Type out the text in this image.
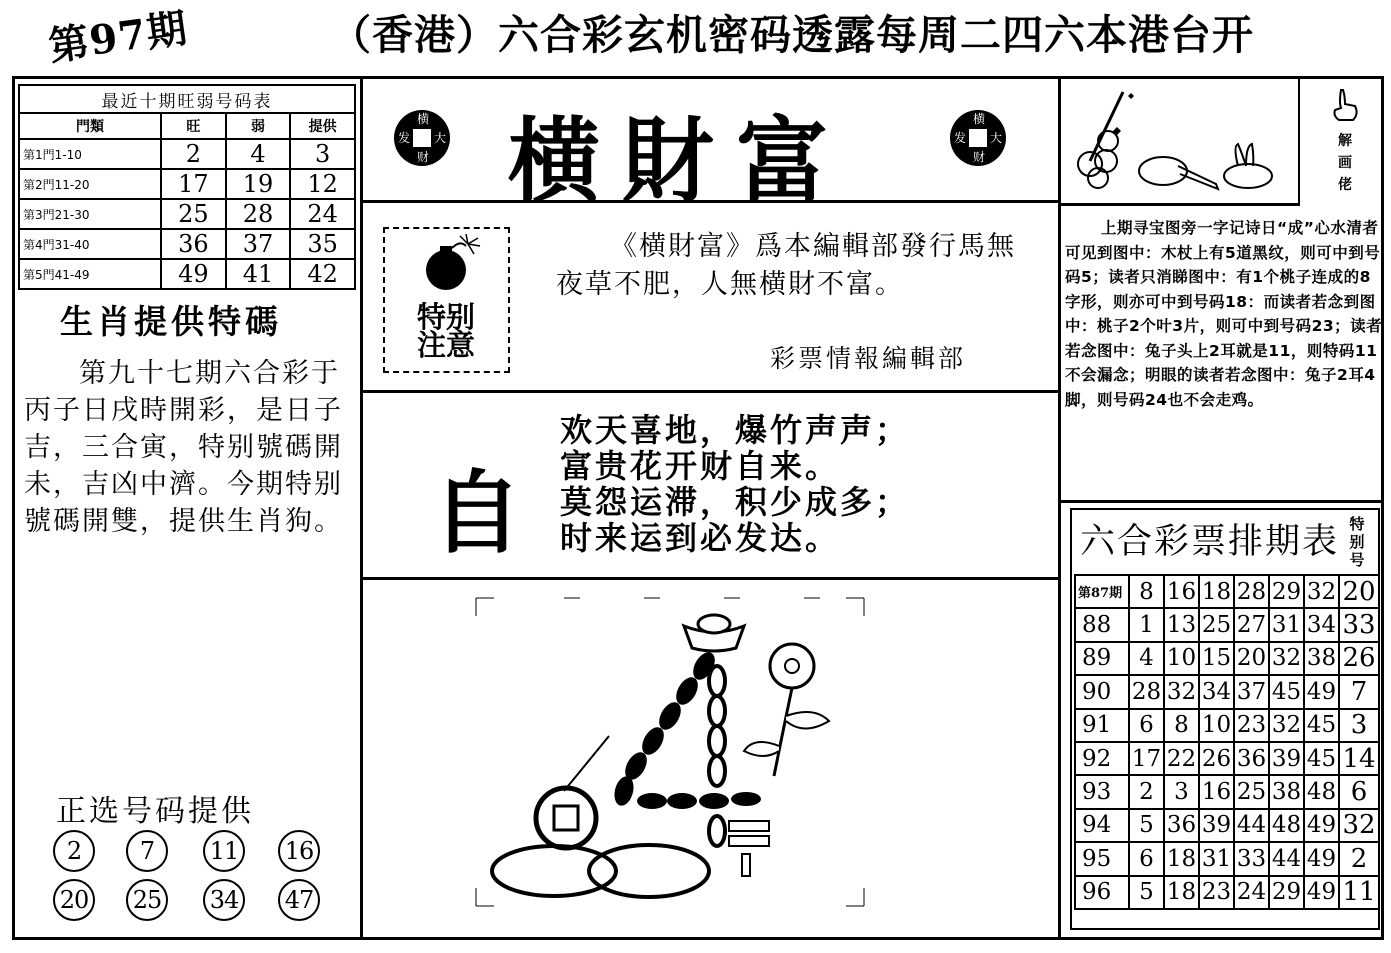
第97期	（香港）六合彩玄机密码透露每周二四六本港台开
最近十期旺弱号码表			
門類	旺	弱	提供
第1門1-10	2	4	3
第2門11-20	17	19	12
第3門21-30	25	28	24
第4門31-40	36	37	35
第5門41-49	49	41	42
生肖提供特碼
第九十七期六合彩于丙子日戌時開彩，是日子吉，三合寅，特别號碼開未，吉凶中濟。今期特别號碼開雙，提供生肖狗。
正选号码提供
2	7	11 16
20 25 34 47
横
大
财
发 横財富	横
大
财
发
特别
注意
《横財富》爲本編輯部發行馬無夜草不肥，人無横財不富。
彩票情報編輯部
自
欢天喜地，爆竹声声；
富贵花开财自来。
莫怨运滞，积少成多；
时来运到必发达。
解画佬
上期寻宝图旁一字记诗日“成”心水清者可见到图中：木杖上有5道黑纹，则可中到号码5；读者只消睇图中：有1个桃子连成的8字形，则亦可中到号码18：而读者若念到图中：桃子2个叶3片，则可中到号码23；读者若念图中：兔子头上2耳就是11，则特码11不会漏念；明眼的读者若念图中：兔子2耳4脚，则号码24也不会走鸡。
六合彩票排期表 特别号
第87期	8	16	18	28	29	32	20
88	1	13	25	27	31	34	33
89	4	10	15	20	32	38	26
90	28	32	34	37	45	49	7
91	6	8	10	23	32	45	3
92	17	22	26	36	39	45	14
93	2	3	16	25	38	48	6
94	5	36	39	44	48	49	32
95	6	18	31	33	44	49	2
96	5	18	23	24	29	49	11
